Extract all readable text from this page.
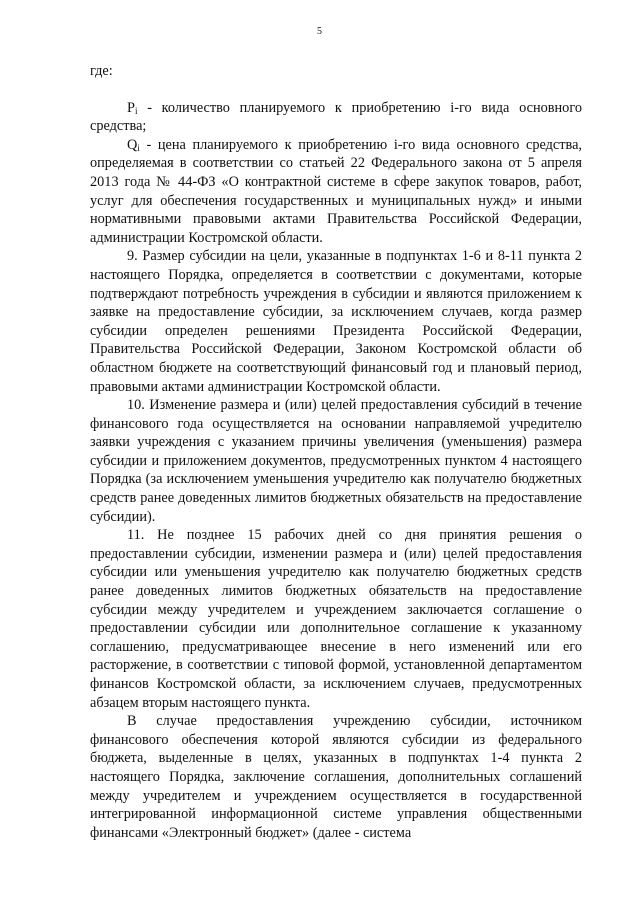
5

где:

$P_i$ - количество планируемого к приобретению i-го вида основного средства;

$Q_i$ - цена планируемого к приобретению i-го вида основного средства, определяемая в соответствии со статьей 22 Федерального закона от 5 апреля 2013 года № 44-ФЗ «О контрактной системе в сфере закупок товаров, работ, услуг для обеспечения государственных и муниципальных нужд» и иными нормативными правовыми актами Правительства Российской Федерации, администрации Костромской области.

9. Размер субсидии на цели, указанные в подпунктах 1-6 и 8-11 пункта 2 настоящего Порядка, определяется в соответствии с документами, которые подтверждают потребность учреждения в субсидии и являются приложением к заявке на предоставление субсидии, за исключением случаев, когда размер субсидии определен решениями Президента Российской Федерации, Правительства Российской Федерации, Законом Костромской области об областном бюджете на соответствующий финансовый год и плановый период, правовыми актами администрации Костромской области.

10. Изменение размера и (или) целей предоставления субсидий в течение финансового года осуществляется на основании направляемой учредителю заявки учреждения с указанием причины увеличения (уменьшения) размера субсидии и приложением документов, предусмотренных пунктом 4 настоящего Порядка (за исключением уменьшения учредителю как получателю бюджетных средств ранее доведенных лимитов бюджетных обязательств на предоставление субсидии).

11. Не позднее 15 рабочих дней со дня принятия решения о предоставлении субсидии, изменении размера и (или) целей предоставления субсидии или уменьшения учредителю как получателю бюджетных средств ранее доведенных лимитов бюджетных обязательств на предоставление субсидии между учредителем и учреждением заключается соглашение о предоставлении субсидии или дополнительное соглашение к указанному соглашению, предусматривающее внесение в него изменений или его расторжение, в соответствии с типовой формой, установленной департаментом финансов Костромской области, за исключением случаев, предусмотренных абзацем вторым настоящего пункта.

В случае предоставления учреждению субсидии, источником финансового обеспечения которой являются субсидии из федерального бюджета, выделенные в целях, указанных в подпунктах 1-4 пункта 2 настоящего Порядка, заключение соглашения, дополнительных соглашений между учредителем и учреждением осуществляется в государственной интегрированной информационной системе управления общественными финансами «Электронный бюджет» (далее - система
